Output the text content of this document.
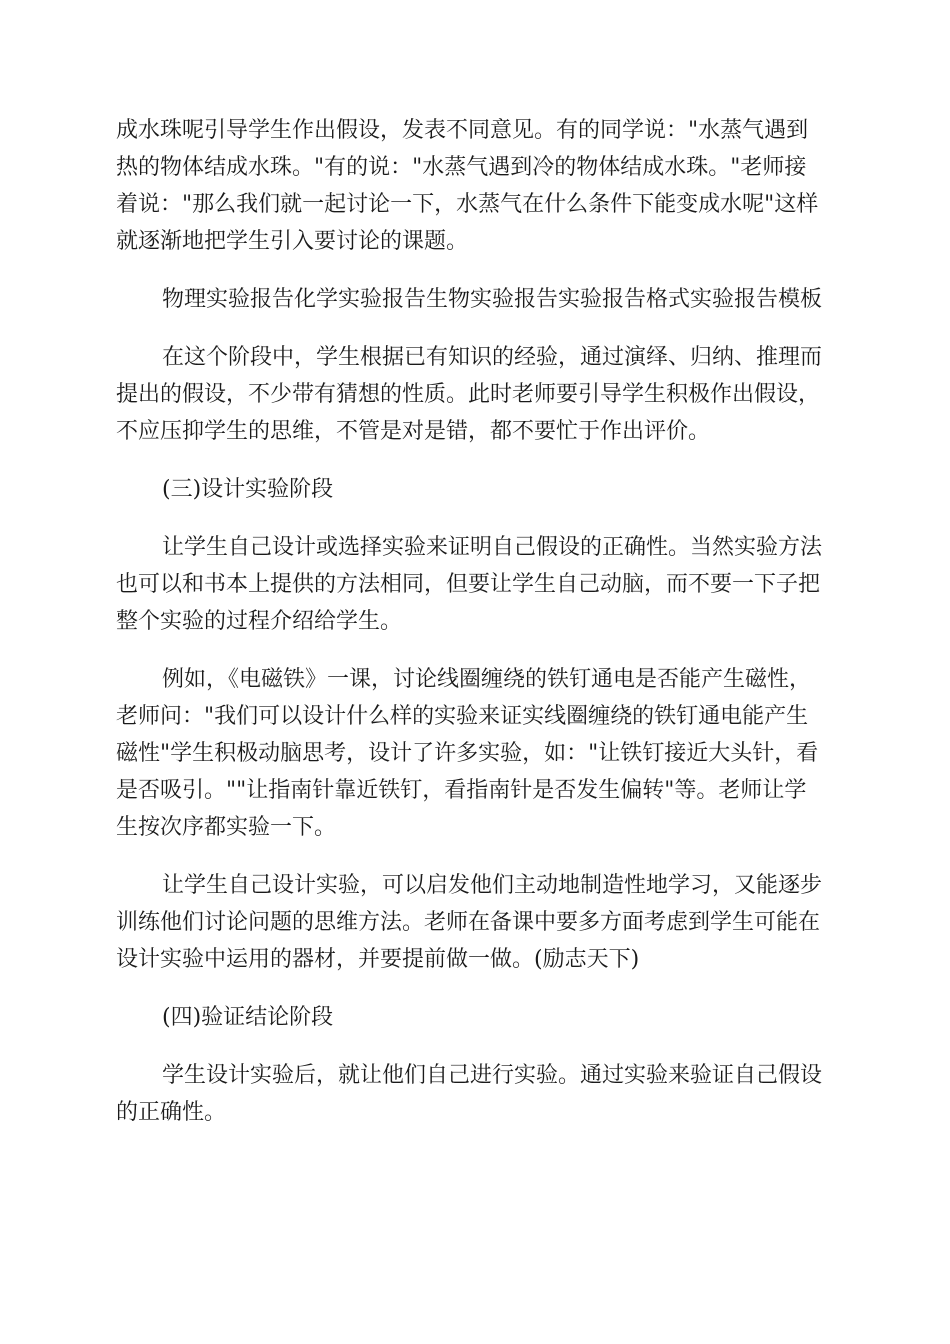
成水珠呢引导学生作出假设，发表不同意见。有的同学说："水蒸气遇到
热的物体结成水珠。"有的说："水蒸气遇到冷的物体结成水珠。"老师接
着说："那么我们就一起讨论一下，水蒸气在什么条件下能变成水呢"这样
就逐渐地把学生引入要讨论的课题。
物理实验报告化学实验报告生物实验报告实验报告格式实验报告模板
在这个阶段中，学生根据已有知识的经验，通过演绎、归纳、推理而
提出的假设，不少带有猜想的性质。此时老师要引导学生积极作出假设，
不应压抑学生的思维，不管是对是错，都不要忙于作出评价。
(三)设计实验阶段
让学生自己设计或选择实验来证明自己假设的正确性。当然实验方法
也可以和书本上提供的方法相同，但要让学生自己动脑，而不要一下子把
整个实验的过程介绍给学生。
例如，《电磁铁》一课，讨论线圈缠绕的铁钉通电是否能产生磁性，
老师问："我们可以设计什么样的实验来证实线圈缠绕的铁钉通电能产生
磁性"学生积极动脑思考，设计了许多实验，如："让铁钉接近大头针，看
是否吸引。""让指南针靠近铁钉，看指南针是否发生偏转"等。老师让学
生按次序都实验一下。
让学生自己设计实验，可以启发他们主动地制造性地学习，又能逐步
训练他们讨论问题的思维方法。老师在备课中要多方面考虑到学生可能在
设计实验中运用的器材，并要提前做一做。(励志天下)
(四)验证结论阶段
学生设计实验后，就让他们自己进行实验。通过实验来验证自己假设
的正确性。
